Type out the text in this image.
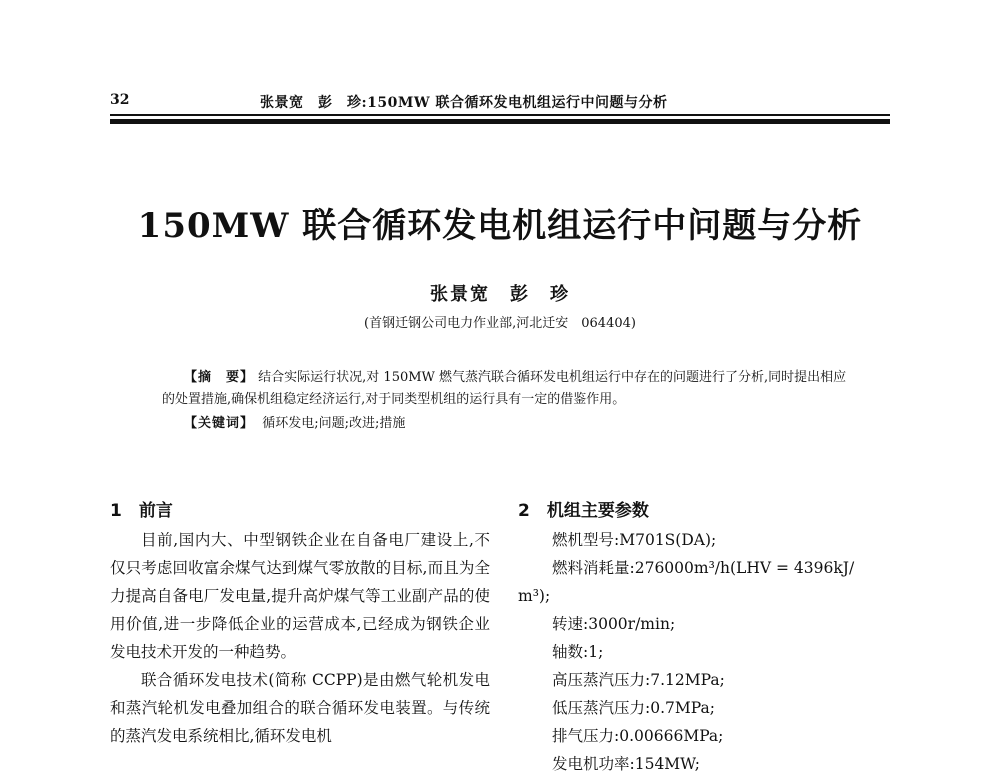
32	张景宽　彭　珍:150MW 联合循环发电机组运行中问题与分析
150MW 联合循环发电机组运行中问题与分析
张景宽　彭　珍
(首钢迁钢公司电力作业部,河北迁安　064404)

【摘　要】 结合实际运行状况,对 150MW 燃气蒸汽联合循环发电机组运行中存在的问题进行了分析,同时提出相应的处置措施,确保机组稳定经济运行,对于同类型机组的运行具有一定的借鉴作用。

【关键词】 循环发电;问题;改进;措施
1　前言

目前,国内大、中型钢铁企业在自备电厂建设上,不仅只考虑回收富余煤气达到煤气零放散的目标,而且为全力提高自备电厂发电量,提升高炉煤气等工业副产品的使用价值,进一步降低企业的运营成本,已经成为钢铁企业发电技术开发的一种趋势。

联合循环发电技术(简称 CCPP)是由燃气轮机发电和蒸汽轮机发电叠加组合的联合循环发电装置。与传统的蒸汽发电系统相比,循环发电机

2　机组主要参数
燃机型号:M701S(DA);
燃料消耗量:276000m³/h(LHV = 4396kJ/
m³);
转速:3000r/min;
轴数:1;
高压蒸汽压力:7.12MPa;
低压蒸汽压力:0.7MPa;
排气压力:0.00666MPa;
发电机功率:154MW;
